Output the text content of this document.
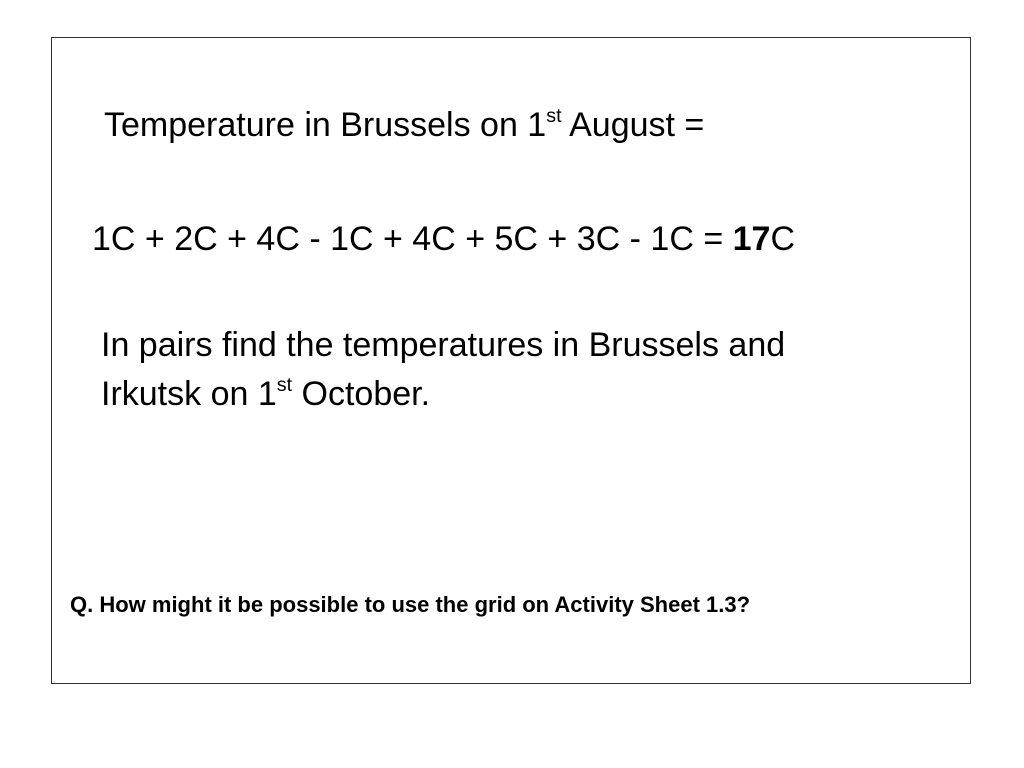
Temperature in Brussels on 1st August =
1C + 2C + 4C - 1C + 4C + 5C + 3C - 1C = 17C
In pairs find the temperatures in Brussels and
Irkutsk on 1st October.
Q. How might it be possible to use the grid on Activity Sheet 1.3?
